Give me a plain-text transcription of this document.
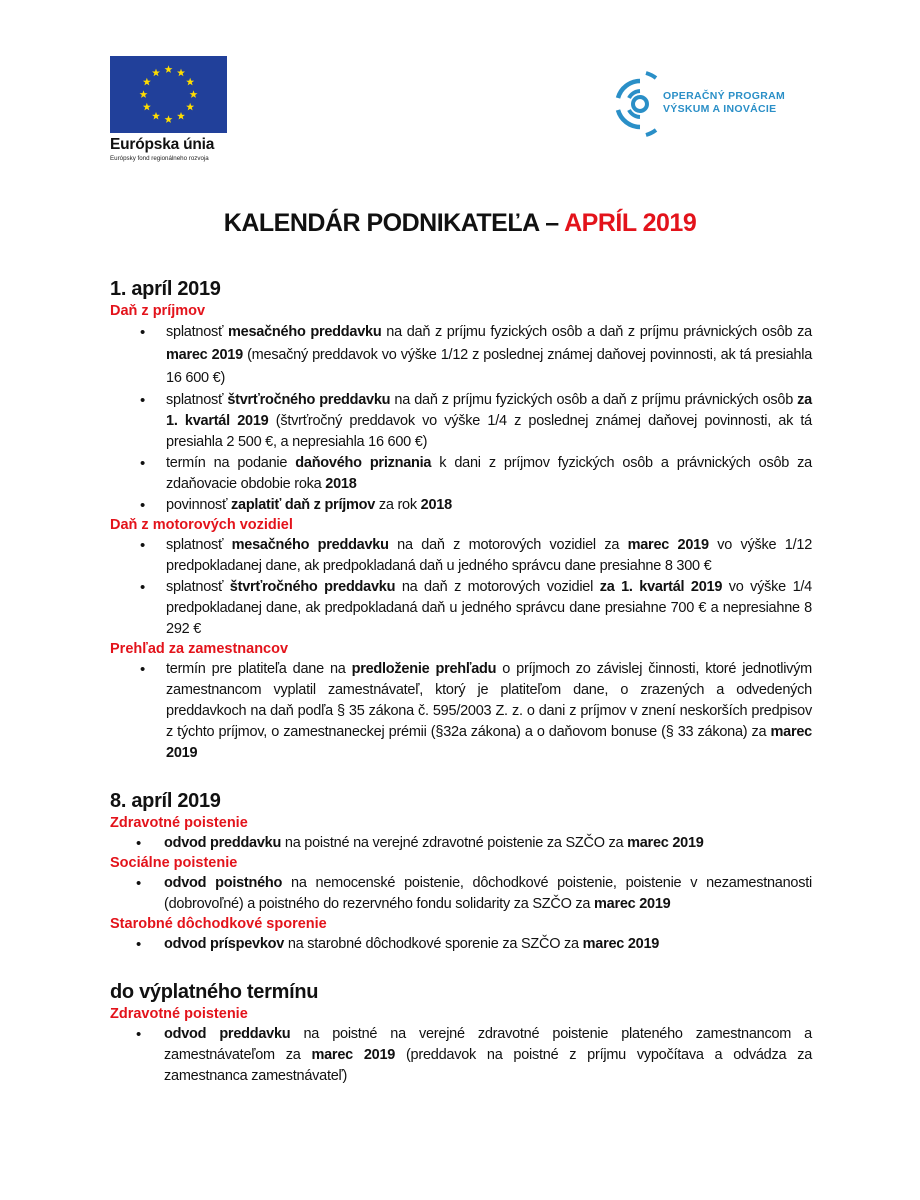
Európska únia
Európsky fond regionálneho rozvoja
OPERAČNÝ PROGRAM
VÝSKUM A INOVÁCIE
KALENDÁR PODNIKATEĽA – APRÍL 2019
1. apríl 2019
Daň z príjmov
• splatnosť mesačného preddavku na daň z príjmu fyzických osôb a daň z príjmu právnických osôb za marec 2019 (mesačný preddavok vo výške 1/12 z poslednej známej daňovej povinnosti, ak tá presiahla 16 600 €)
• splatnosť štvrťročného preddavku na daň z príjmu fyzických osôb a daň z príjmu právnických osôb za 1. kvartál 2019 (štvrťročný preddavok vo výške 1/4 z poslednej známej daňovej povinnosti, ak tá presiahla 2 500 €, a nepresiahla 16 600 €)
• termín na podanie daňového priznania k dani z príjmov fyzických osôb a právnických osôb za zdaňovacie obdobie roka 2018
• povinnosť zaplatiť daň z príjmov za rok 2018
Daň z motorových vozidiel
• splatnosť mesačného preddavku na daň z motorových vozidiel za marec 2019 vo výške 1/12 predpokladanej dane, ak predpokladaná daň u jedného správcu dane presiahne 8 300 €
• splatnosť štvrťročného preddavku na daň z motorových vozidiel za 1. kvartál 2019 vo výške 1/4 predpokladanej dane, ak predpokladaná daň u jedného správcu dane presiahne 700 € a nepresiahne 8 292 €
Prehľad za zamestnancov
• termín pre platiteľa dane na predloženie prehľadu o príjmoch zo závislej činnosti, ktoré jednotlivým zamestnancom vyplatil zamestnávateľ, ktorý je platiteľom dane, o zrazených a odvedených preddavkoch na daň podľa § 35 zákona č. 595/2003 Z. z. o dani z príjmov v znení neskorších predpisov z týchto príjmov, o zamestnaneckej prémii (§32a zákona) a o daňovom bonuse (§ 33 zákona) za marec 2019
8. apríl 2019
Zdravotné poistenie
• odvod preddavku na poistné na verejné zdravotné poistenie za SZČO za marec 2019
Sociálne poistenie
• odvod poistného na nemocenské poistenie, dôchodkové poistenie, poistenie v nezamestnanosti (dobrovoľné) a poistného do rezervného fondu solidarity za SZČO za marec 2019
Starobné dôchodkové sporenie
• odvod príspevkov na starobné dôchodkové sporenie za SZČO za marec 2019
do výplatného termínu
Zdravotné poistenie
• odvod preddavku na poistné na verejné zdravotné poistenie plateného zamestnancom a zamestnávateľom za marec 2019 (preddavok na poistné z príjmu vypočítava a odvádza za zamestnanca zamestnávateľ)
